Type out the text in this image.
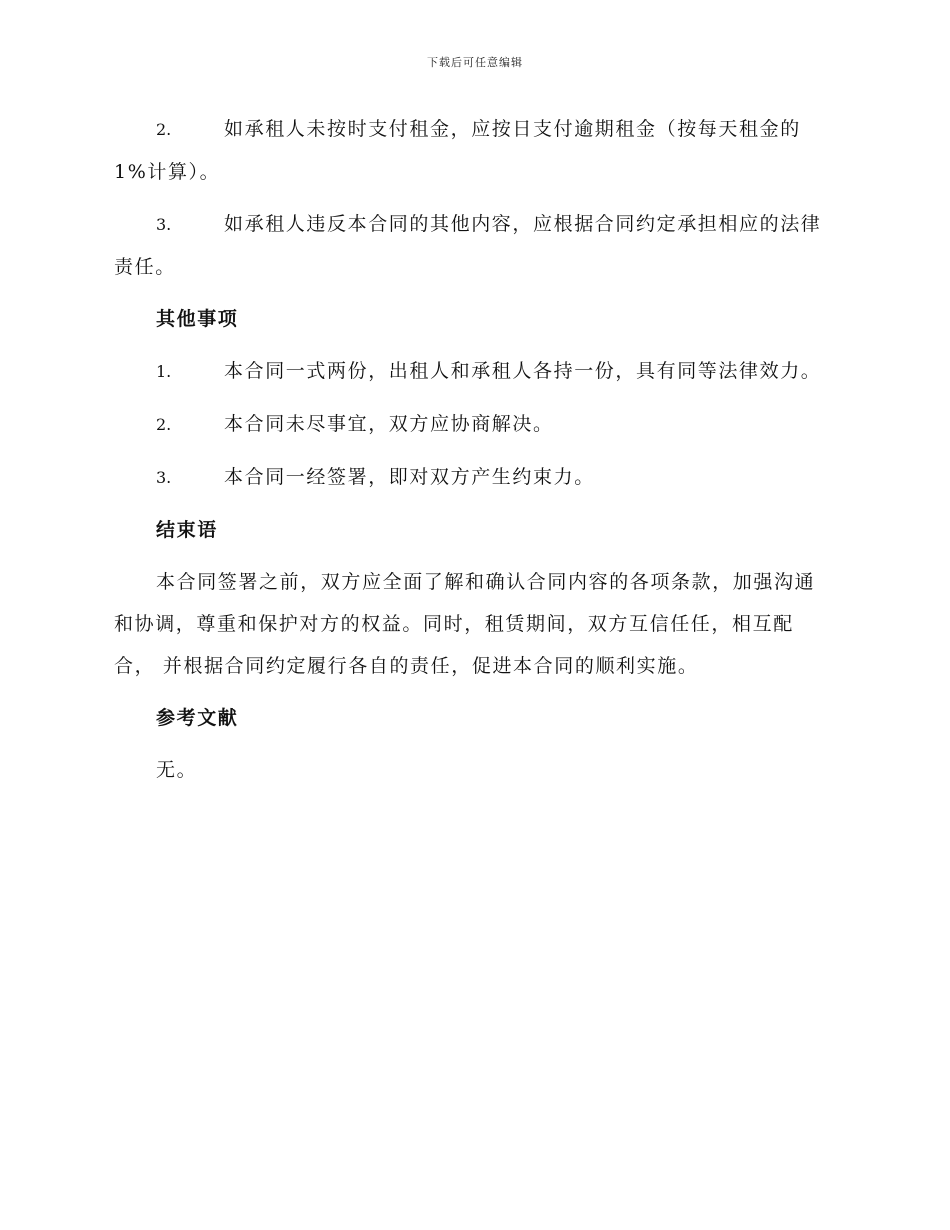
下载后可任意编辑

2.	如承租人未按时支付租金，应按日支付逾期租金（按每天租金的1%计算）。

3.	如承租人违反本合同的其他内容，应根据合同约定承担相应的法律责任。

其他事项

1.	本合同一式两份，出租人和承租人各持一份，具有同等法律效力。

2.	本合同未尽事宜，双方应协商解决。

3.	本合同一经签署，即对双方产生约束力。

结束语

本合同签署之前，双方应全面了解和确认合同内容的各项条款，加强沟通和协调，尊重和保护对方的权益。同时，租赁期间，双方互信任任，相互配合， 并根据合同约定履行各自的责任，促进本合同的顺利实施。

参考文献

无。
